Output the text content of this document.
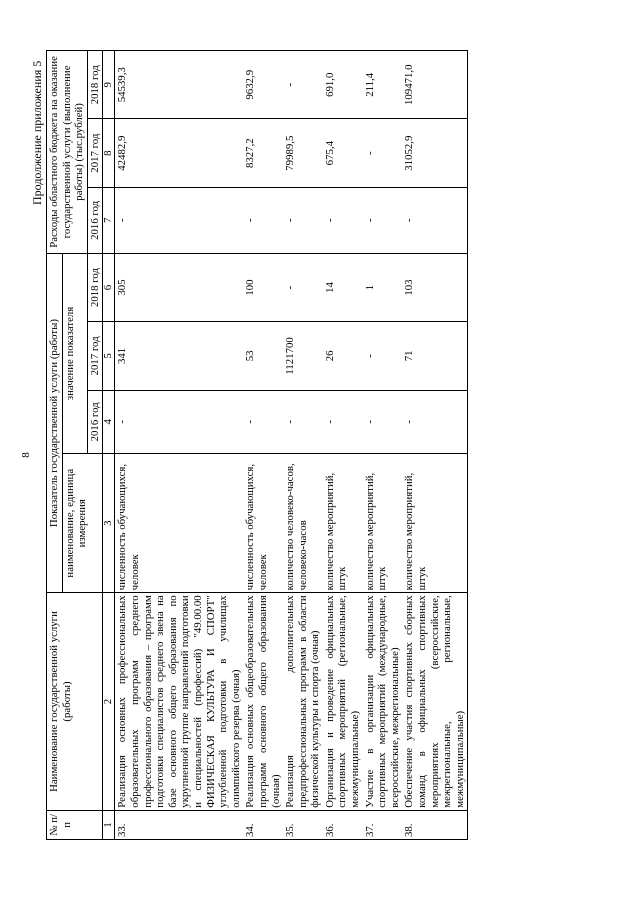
8
Продолжение приложения 5
№ п/п	Наименование государственной услуги (работы)	Показатель государственной услуги (работы)				Расходы областного бюджета на оказание государственной услуги (выполнение работы) (тыс.рублей)		
		наименование, единица измерения	значение показателя					
			2016 год	2017 год	2018 год	2016 год	2017 год	2018 год
1	2	3	4	5	6	7	8	9
33.	Реализация основных профессиональных образовательных программ среднего профессионального образования – программ подготовки специалистов среднего звена на базе основного общего образования по укрупненной группе направлений подготовки и специальностей (профессий) "49.00.00 ФИЗИЧЕСКАЯ КУЛЬТУРА И СПОРТ" углубленной подготовки в училищах олимпийского резерва (очная)	численность обучающихся, человек	-	341	305	-	42482,9	54539,3
34.	Реализация основных общеобразовательных программ основного общего образования (очная)	численность обучающихся, человек	-	53	100	-	8327,2	9632,9
35.	Реализация дополнительных предпрофессиональных программ в области физической культуры и спорта (очная)	количество человеко-часов, человеко-часов	-	1121700	-	-	79989,5	-
36.	Организация и проведение официальных спортивных мероприятий (региональные, межмуниципальные)	количество мероприятий, штук	-	26	14	-	675,4	691,0
37.	Участие в организации официальных спортивных мероприятий (международные, всероссийские, межрегиональные)	количество мероприятий, штук	-	-	1	-	-	211,4
38.	Обеспечение участия спортивных сборных команд в официальных спортивных мероприятиях (всероссийские, межрегиональные, региональные, межмуниципальные)	количество мероприятий, штук	-	71	103	-	31052,9	109471,0
